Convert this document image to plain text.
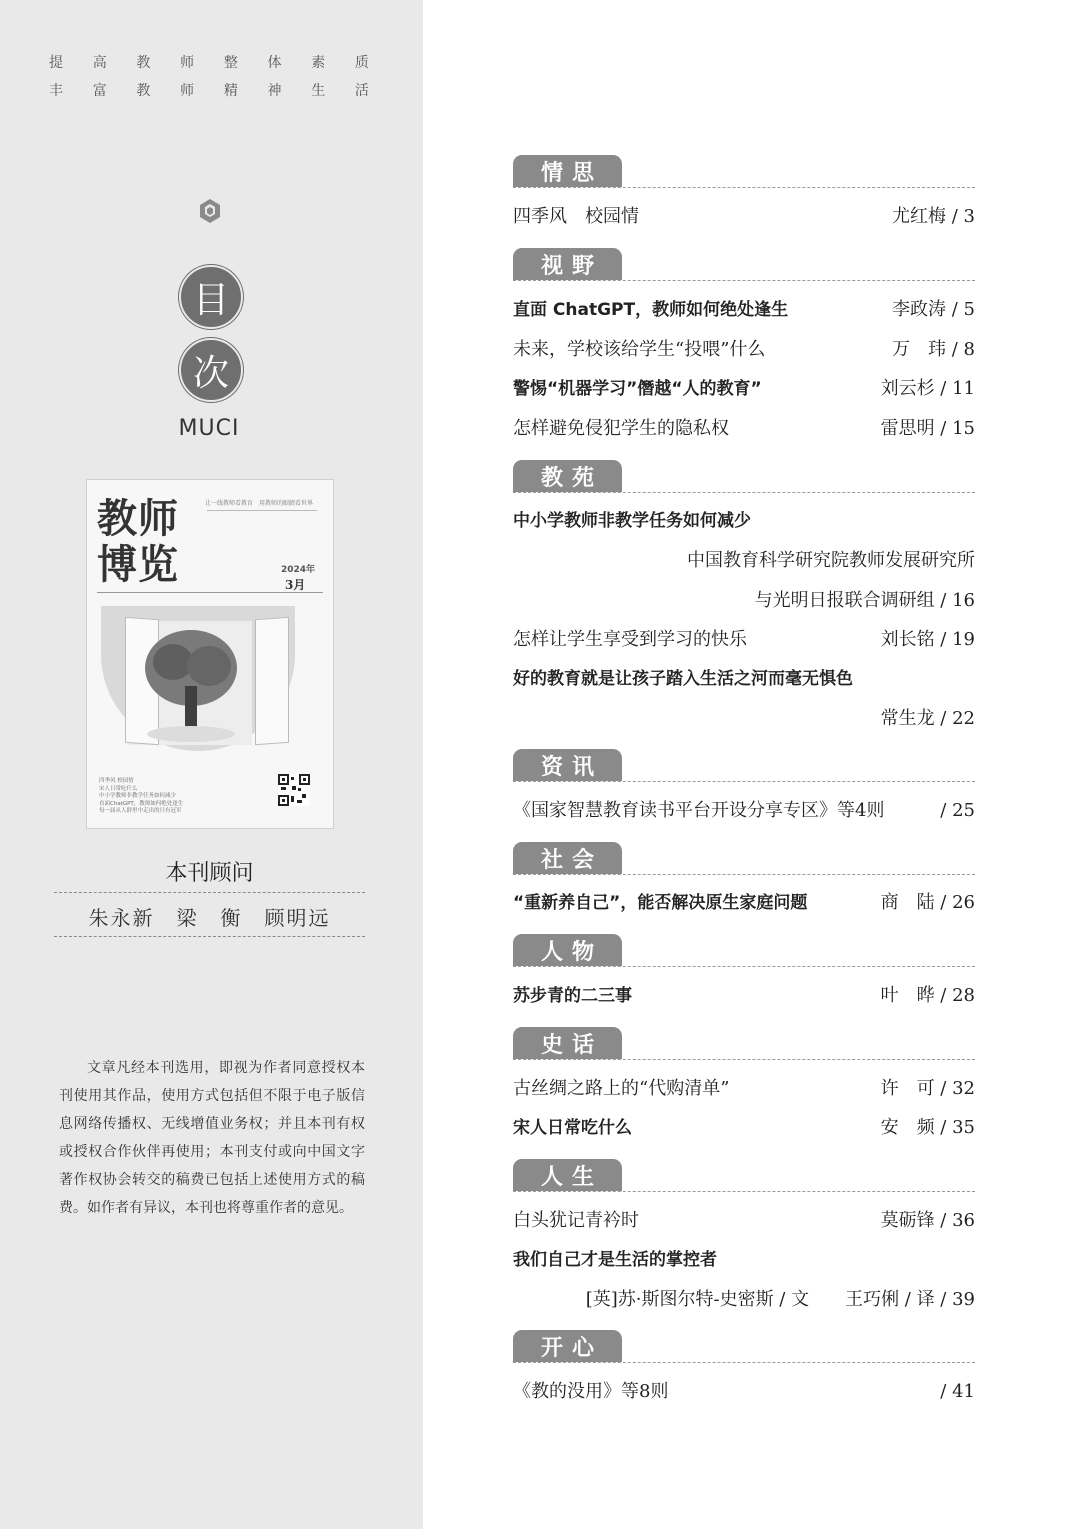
提 高 教 师 整 体 素 质
丰 富 教 师 精 神 生 活
目
次
MUCI
教师
博览
让一线教师看教育 用教师的眼睛看世界
2024年
3月
四季风 校园情
宋人日常吃什么
中小学教师非教学任务如何减少
直面ChatGPT，教师如何绝处逢生
每一届从人群里中走出的只有冠军
本刊顾问
朱永新　梁　衡　顾明远
文章凡经本刊选用，即视为作者同意授权本刊使用其作品，使用方式包括但不限于电子版信息网络传播权、无线增值业务权；并且本刊有权或授权合作伙伴再使用；本刊支付或向中国文字著作权协会转交的稿费已包括上述使用方式的稿费。如作者有异议，本刊也将尊重作者的意见。
情思
四季风　校园情	尤红梅 / 3
视野
直面 ChatGPT，教师如何绝处逢生	李政涛 / 5
未来，学校该给学生“投喂”什么	万　玮 / 8
警惕“机器学习”僭越“人的教育”	刘云杉 / 11
怎样避免侵犯学生的隐私权	雷思明 / 15
教苑
中小学教师非教学任务如何减少
中国教育科学研究院教师发展研究所
与光明日报联合调研组 / 16
怎样让学生享受到学习的快乐	刘长铭 / 19
好的教育就是让孩子踏入生活之河而毫无惧色
常生龙 / 22
资讯
《国家智慧教育读书平台开设分享专区》等4则	/ 25
社会
“重新养自己”，能否解决原生家庭问题	商　陆 / 26
人物
苏步青的二三事	叶　晔 / 28
史话
古丝绸之路上的“代购清单”	许　可 / 32
宋人日常吃什么	安　频 / 35
人生
白头犹记青衿时	莫砺锋 / 36
我们自己才是生活的掌控者
[英]苏·斯图尔特-史密斯 / 文　　王巧俐 / 译 / 39
开心
《教的没用》等8则	/ 41
